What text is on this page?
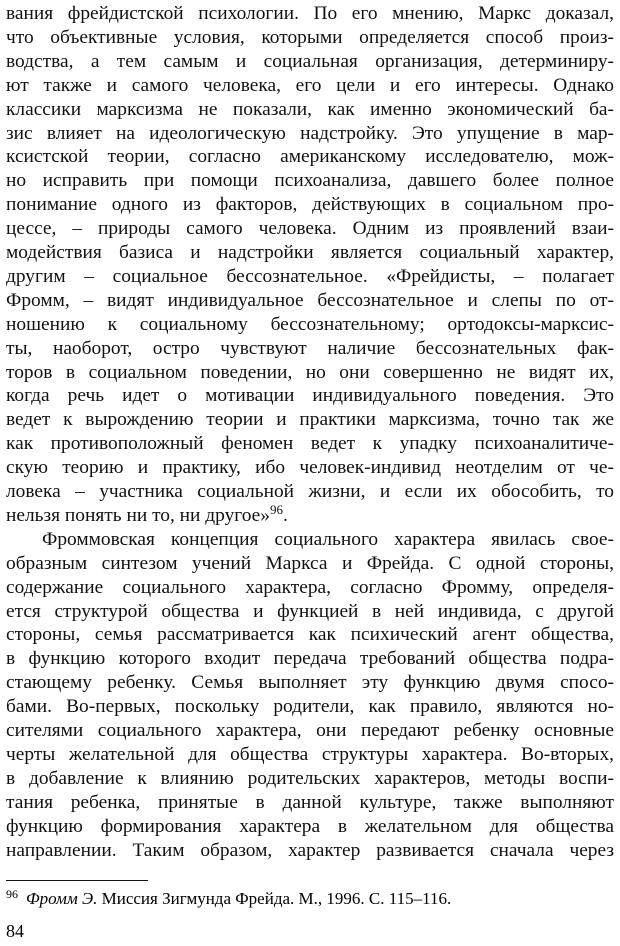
вания фрейдистской психологии. По его мнению, Маркс доказал,
что объективные условия, которыми определяется способ произ-
водства, а тем самым и социальная организация, детерминиру-
ют также и самого человека, его цели и его интересы. Однако
классики марксизма не показали, как именно экономический ба-
зис влияет на идеологическую надстройку. Это упущение в мар-
ксистской теории, согласно американскому исследователю, мож-
но исправить при помощи психоанализа, давшего более полное
понимание одного из факторов, действующих в социальном про-
цессе, – природы самого человека. Одним из проявлений взаи-
модействия базиса и надстройки является социальный характер,
другим – социальное бессознательное. «Фрейдисты, – полагает
Фромм, – видят индивидуальное бессознательное и слепы по от-
ношению к социальному бессознательному; ортодоксы-марксис-
ты, наоборот, остро чувствуют наличие бессознательных фак-
торов в социальном поведении, но они совершенно не видят их,
когда речь идет о мотивации индивидуального поведения. Это
ведет к вырождению теории и практики марксизма, точно так же
как противоположный феномен ведет к упадку психоаналитиче-
скую теорию и практику, ибо человек-индивид неотделим от че-
ловека – участника социальной жизни, и если их обособить, то
нельзя понять ни то, ни другое»$^{96}$.
Фроммовская концепция социального характера явилась свое-
образным синтезом учений Маркса и Фрейда. С одной стороны,
содержание социального характера, согласно Фромму, определя-
ется структурой общества и функцией в ней индивида, с другой
стороны, семья рассматривается как психический агент общества,
в функцию которого входит передача требований общества подра-
стающему ребенку. Семья выполняет эту функцию двумя спосо-
бами. Во-первых, поскольку родители, как правило, являются но-
сителями социального характера, они передают ребенку основные
черты желательной для общества структуры характера. Во-вторых,
в добавление к влиянию родительских характеров, методы воспи-
тания ребенка, принятые в данной культуре, также выполняют
функцию формирования характера в желательном для общества
направлении. Таким образом, характер развивается сначала через
$^{96}$ Фромм Э. Миссия Зигмунда Фрейда. М., 1996. С. 115–116.
84
